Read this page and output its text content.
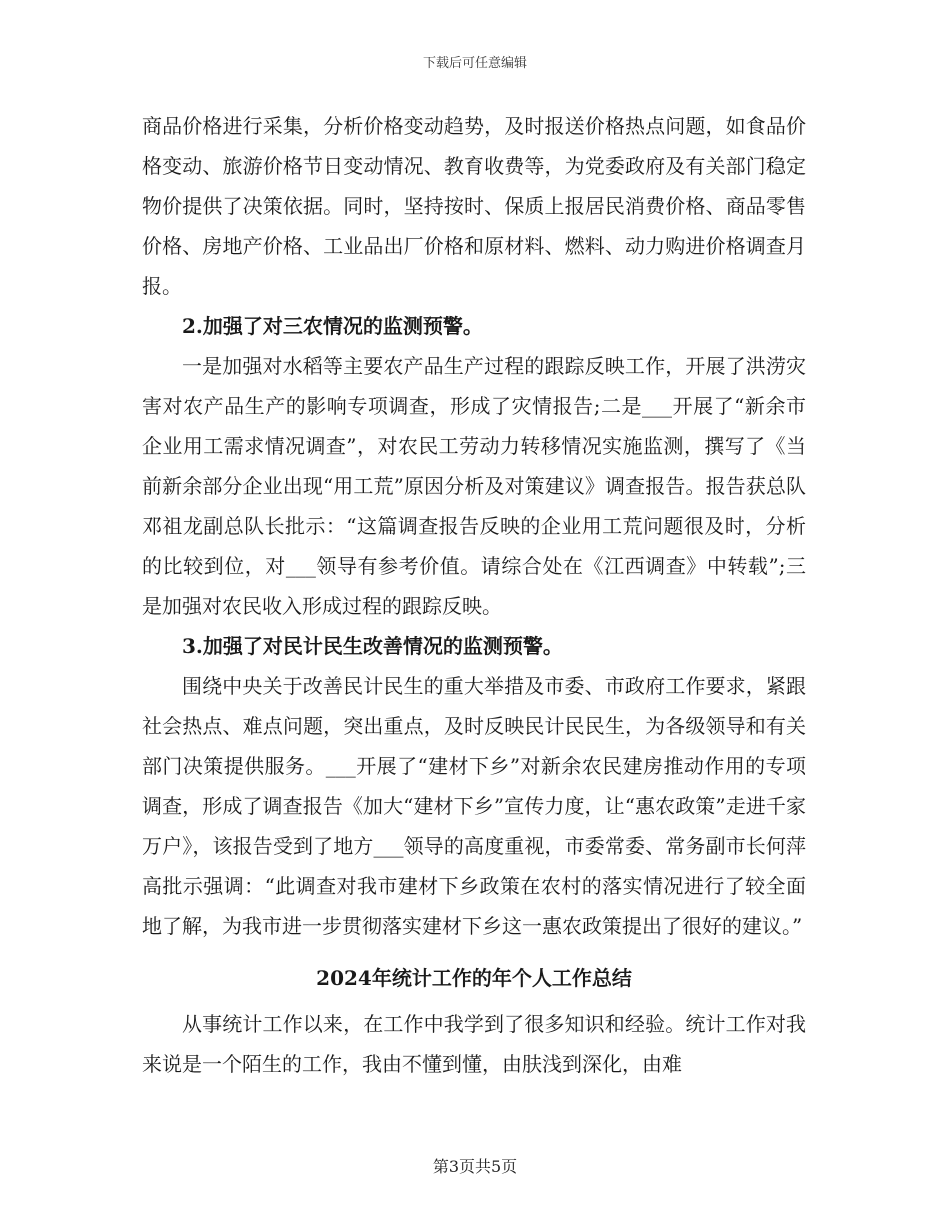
下载后可任意编辑

商品价格进行采集，分析价格变动趋势，及时报送价格热点问题，如食品价格变动、旅游价格节日变动情况、教育收费等，为党委政府及有关部门稳定物价提供了决策依据。同时，坚持按时、保质上报居民消费价格、商品零售价格、房地产价格、工业品出厂价格和原材料、燃料、动力购进价格调查月报。

2.加强了对三农情况的监测预警。

一是加强对水稻等主要农产品生产过程的跟踪反映工作，开展了洪涝灾害对农产品生产的影响专项调查，形成了灾情报告;二是___开展了“新余市企业用工需求情况调查”，对农民工劳动力转移情况实施监测，撰写了《当前新余部分企业出现“用工荒”原因分析及对策建议》调查报告。报告获总队邓祖龙副总队长批示：“这篇调查报告反映的企业用工荒问题很及时，分析的比较到位，对___领导有参考价值。请综合处在《江西调查》中转载”;三是加强对农民收入形成过程的跟踪反映。

3.加强了对民计民生改善情况的监测预警。

围绕中央关于改善民计民生的重大举措及市委、市政府工作要求，紧跟社会热点、难点问题，突出重点，及时反映民计民民生，为各级领导和有关部门决策提供服务。___开展了“建材下乡”对新余农民建房推动作用的专项调查，形成了调查报告《加大“建材下乡”宣传力度，让“惠农政策”走进千家万户》，该报告受到了地方___领导的高度重视，市委常委、常务副市长何萍高批示强调：“此调查对我市建材下乡政策在农村的落实情况进行了较全面地了解，为我市进一步贯彻落实建材下乡这一惠农政策提出了很好的建议。”

2024年统计工作的年个人工作总结

从事统计工作以来，在工作中我学到了很多知识和经验。统计工作对我来说是一个陌生的工作，我由不懂到懂，由肤浅到深化，由难

第3页共5页
